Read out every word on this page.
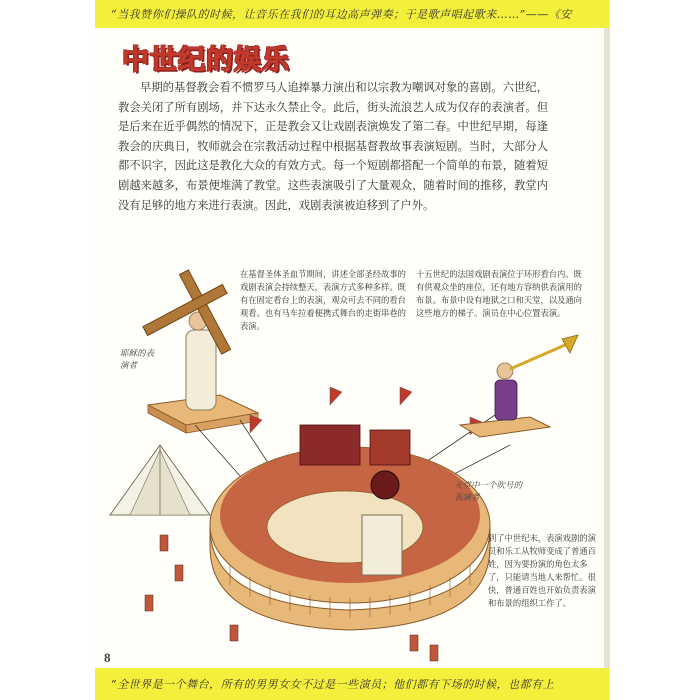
“当我赞你们操队的时候，让音乐在我们的耳边高声弹奏；于是歌声唱起歌来……”——《安
中世纪的娱乐

早期的基督教会看不惯罗马人追捧暴力演出和以宗教为嘲讽对象的喜剧。六世纪，教会关闭了所有剧场，并下达永久禁止令。此后，街头流浪艺人成为仅存的表演者。但是后来在近乎偶然的情况下，正是教会又让戏剧表演焕发了第二春。中世纪早期，每逢教会的庆典日，牧师就会在宗教活动过程中根据基督教故事表演短剧。当时，大部分人都不识字，因此这是教化大众的有效方式。每一个短剧都搭配一个简单的布景，随着短剧越来越多，布景便堆满了教堂。这些表演吸引了大量观众，随着时间的推移，教堂内没有足够的地方来进行表演。因此，戏剧表演被迫移到了户外。

在基督圣体圣血节期间，讲述全部圣经故事的戏剧表演会持续整天，表演方式多种多样。既有在固定看台上的表演，观众可去不同的看台观看。也有马车拉着便携式舞台的走街串巷的表演。

十五世纪的法国戏剧表演位于环形看台内。既有供观众坐的座位，还有地方容纳供表演用的布景。布景中设有地狱之口和天堂，以及通向这些地方的梯子。演员在中心位置表演。

到了中世纪末，表演戏剧的演员和乐工从牧师变成了普通百姓，因为要扮演的角色太多了，只能请当地人来帮忙。很快，普通百姓也开始负责表演和布景的组织工作了。

耶稣的表演者

天堂中一个吹号的表演者

8
“全世界是一个舞台，所有的男男女女不过是一些演员；他们都有下场的时候，也都有上
